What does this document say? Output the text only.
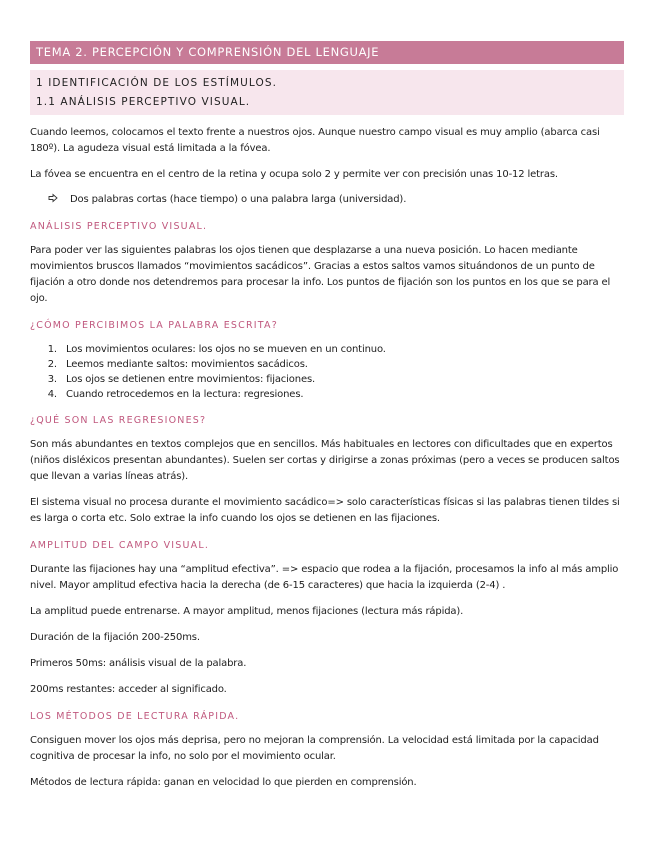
TEMA 2. PERCEPCIÓN Y COMPRENSIÓN DEL LENGUAJE
1 IDENTIFICACIÓN DE LOS ESTÍMULOS.
1.1 ANÁLISIS PERCEPTIVO VISUAL.

Cuando leemos, colocamos el texto frente a nuestros ojos. Aunque nuestro campo visual es muy amplio (abarca casi 180º). La agudeza visual está limitada a la fóvea.

La fóvea se encuentra en el centro de la retina y ocupa solo 2 y permite ver con precisión unas 10-12 letras.

Dos palabras cortas (hace tiempo) o una palabra larga (universidad).
ANÁLISIS PERCEPTIVO VISUAL.

Para poder ver las siguientes palabras los ojos tienen que desplazarse a una nueva posición. Lo hacen mediante movimientos bruscos llamados “movimientos sacádicos”. Gracias a estos saltos vamos situándonos de un punto de fijación a otro donde nos detendremos para procesar la info. Los puntos de fijación son los puntos en los que se para el ojo.

¿CÓMO PERCIBIMOS LA PALABRA ESCRITA?
1. Los movimientos oculares: los ojos no se mueven en un continuo.
2. Leemos mediante saltos: movimientos sacádicos.
3. Los ojos se detienen entre movimientos: fijaciones.
4. Cuando retrocedemos en la lectura: regresiones.
¿QUÉ SON LAS REGRESIONES?

Son más abundantes en textos complejos que en sencillos. Más habituales en lectores con dificultades que en expertos (niños disléxicos presentan abundantes). Suelen ser cortas y dirigirse a zonas próximas (pero a veces se producen saltos que llevan a varias líneas atrás).

El sistema visual no procesa durante el movimiento sacádico=> solo características físicas si las palabras tienen tildes si es larga o corta etc. Solo extrae la info cuando los ojos se detienen en las fijaciones.

AMPLITUD DEL CAMPO VISUAL.

Durante las fijaciones hay una “amplitud efectiva”. => espacio que rodea a la fijación, procesamos la info al más amplio nivel. Mayor amplitud efectiva hacia la derecha (de 6-15 caracteres) que hacia la izquierda (2-4) .

La amplitud puede entrenarse. A mayor amplitud, menos fijaciones (lectura más rápida).

Duración de la fijación 200-250ms.

Primeros 50ms: análisis visual de la palabra.

200ms restantes: acceder al significado.

LOS MÉTODOS DE LECTURA RÁPIDA.

Consiguen mover los ojos más deprisa, pero no mejoran la comprensión. La velocidad está limitada por la capacidad cognitiva de procesar la info, no solo por el movimiento ocular.

Métodos de lectura rápida: ganan en velocidad lo que pierden en comprensión.
